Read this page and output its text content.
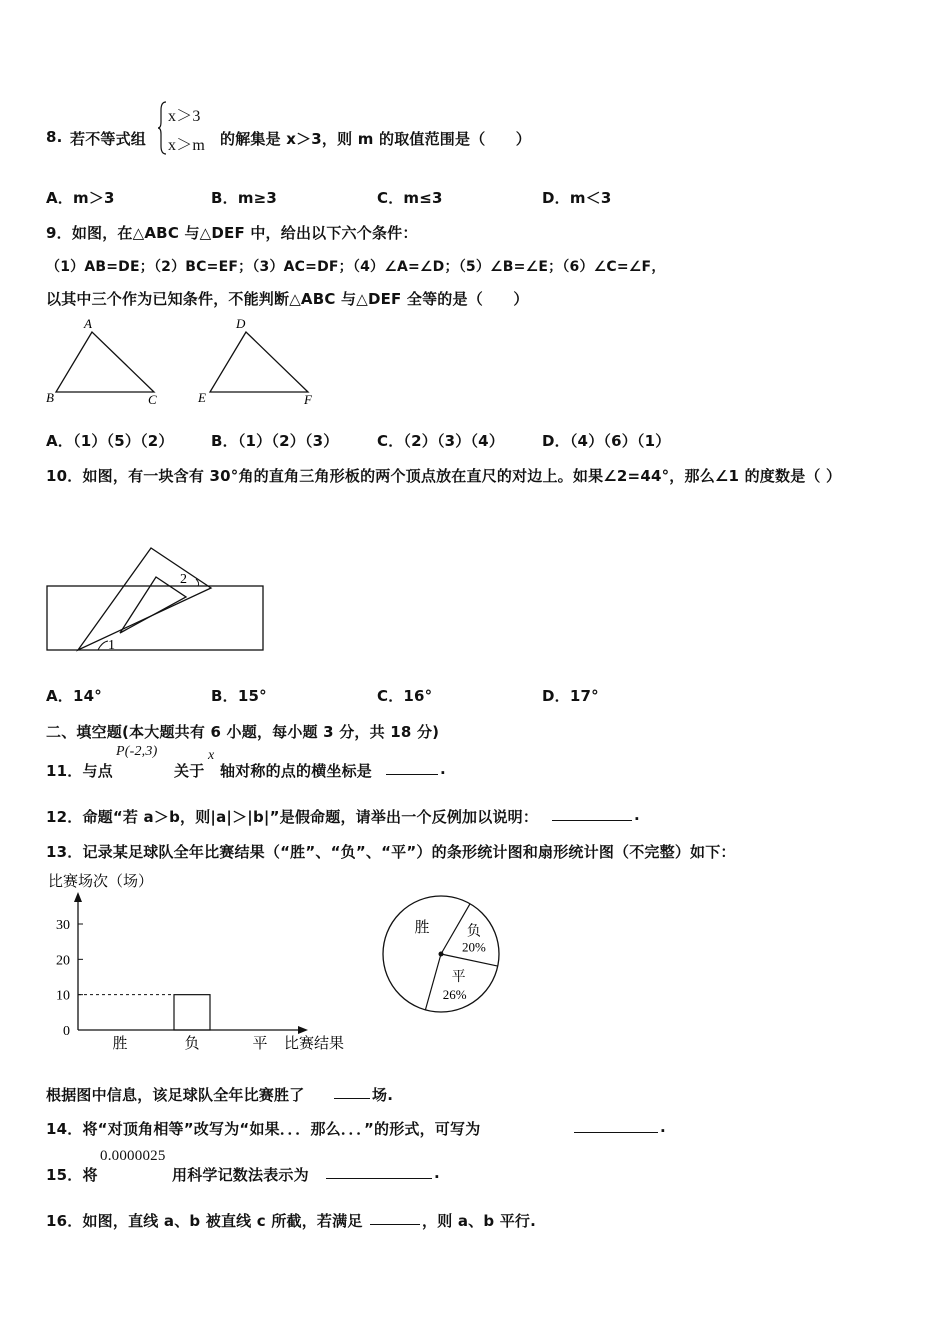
8. 若不等式组
x＞3
x＞m 的解集是 x＞3，则 m 的取值范围是（　　）
A．m＞3	B．m≥3	C．m≤3	D．m＜3
9．如图，在△ABC 与△DEF 中，给出以下六个条件：
（1）AB=DE；（2）BC=EF；（3）AC=DF；（4）∠A=∠D；（5）∠B=∠E；（6）∠C=∠F，
以其中三个作为已知条件，不能判断△ABC 与△DEF 全等的是（　　）
A
B	C
D
E	F
A．（1）（5）（2） B．（1）（2）（3）	C．（2）（3）（4）	D．（4）（6）（1）
10．如图，有一块含有 30°角的直角三角形板的两个顶点放在直尺的对边上。如果∠2=44°，那么∠1 的度数是（ ）
1
2
A．14°	B．15°	C．16°	D．17°
二、填空题(本大题共有 6 小题，每小题 3 分，共 18 分)
11．与点
P(-2,3)
关于
x
轴对称的点的横坐标是	.
12．命题“若 a＞b，则|a|＞|b|”是假命题，请举出一个反例加以说明：	.
13．记录某足球队全年比赛结果（“胜”、“负”、“平”）的条形统计图和扇形统计图（不完整）如下：
比赛场次（场）
比赛结果
0
10
20
30
胜	负	平
胜	负
20%
平
26%
根据图中信息，该足球队全年比赛胜了	场.
14．将“对顶角相等”改写为“如果．．．那么．．．”的形式，可写为	.
15．将
0.0000025
用科学记数法表示为	.
16．如图，直线 a、b 被直线 c 所截，若满足	，则 a、b 平行.
